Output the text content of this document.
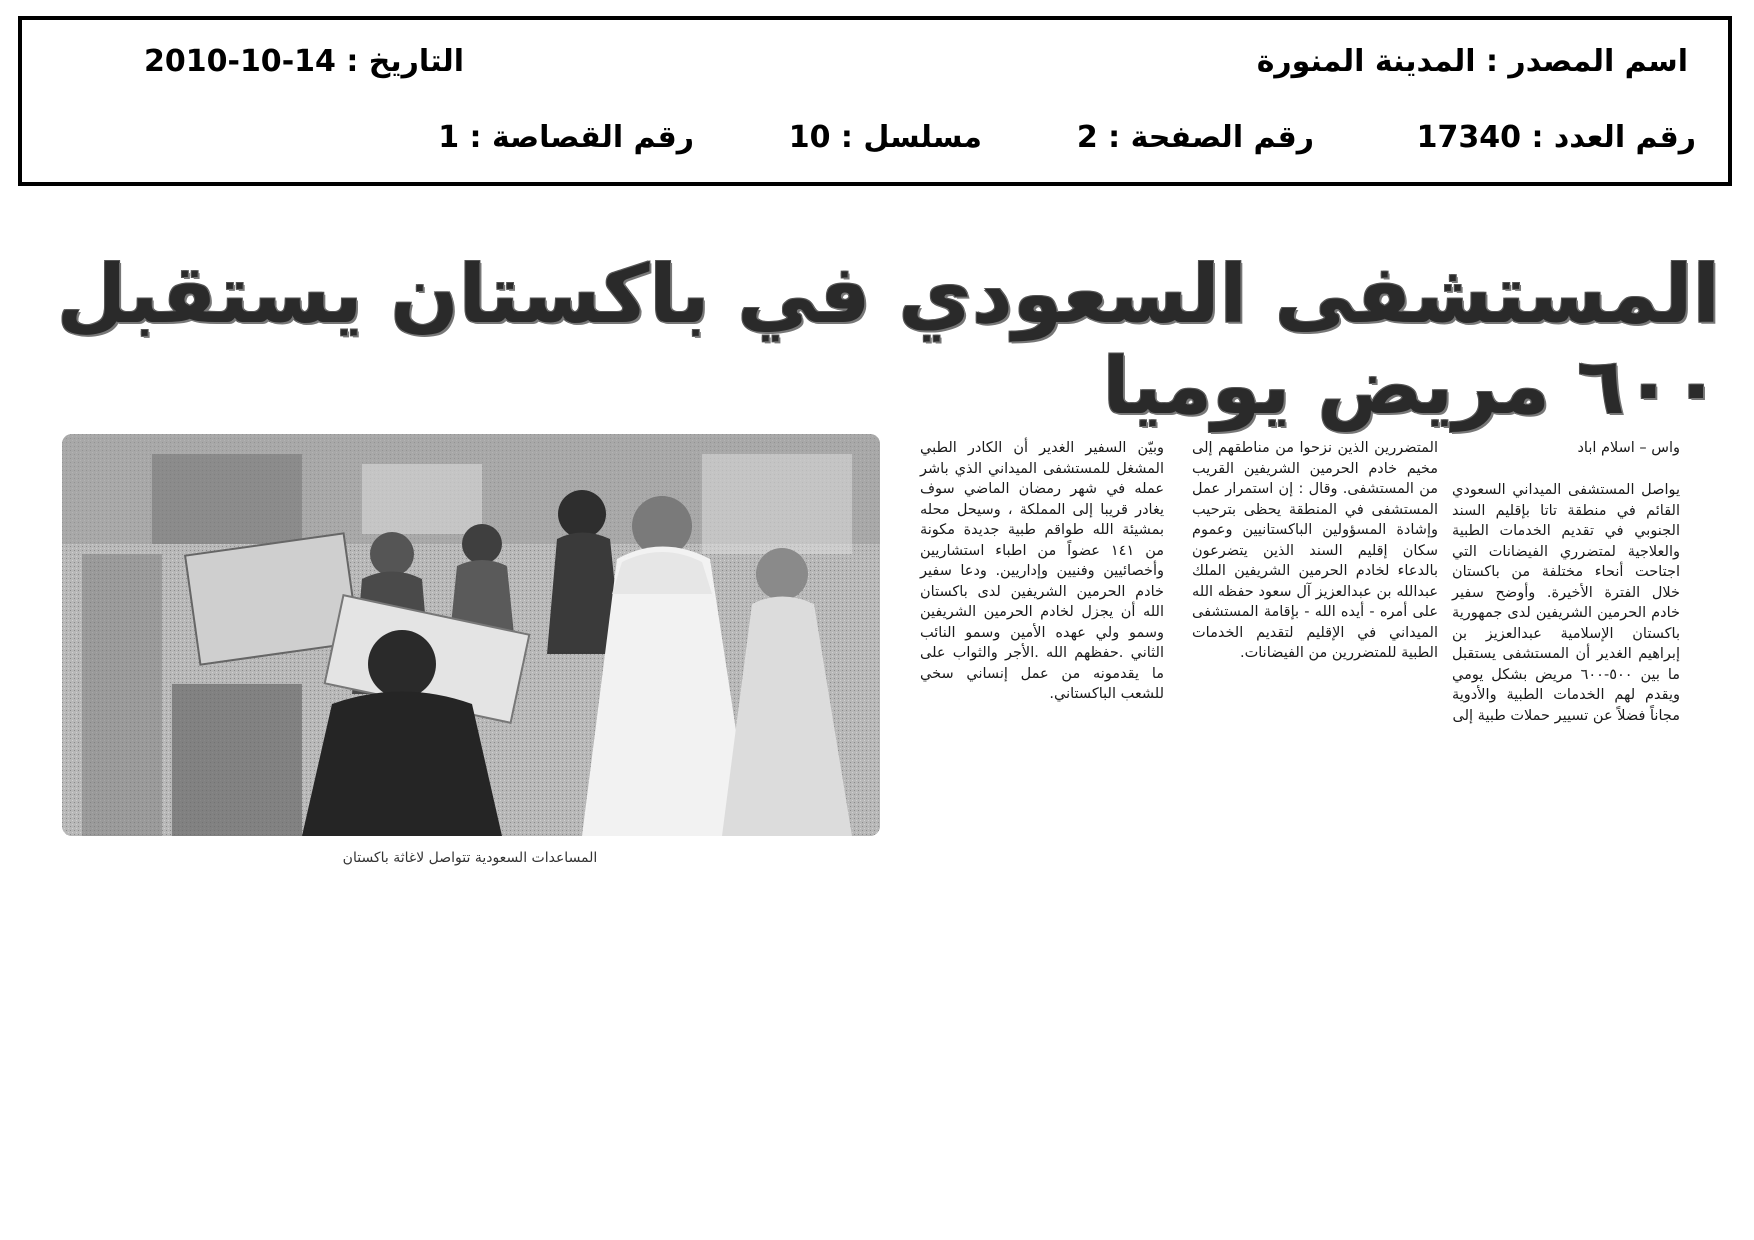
اسم المصدر : المدينة المنورة
التاريخ : 14-10-2010
رقم العدد : 17340
رقم الصفحة : 2
مسلسل : 10
رقم القصاصة : 1
المستشفى السعودي في باكستان يستقبل
٦٠٠ مريض يوميا
واس – اسلام اباد

يواصل المستشفى الميداني السعودي القائم في منطقة تاتا بإقليم السند الجنوبي في تقديم الخدمات الطبية والعلاجية لمتضرري الفيضانات التي اجتاحت أنحاء مختلفة من باكستان خلال الفترة الأخيرة. وأوضح سفير خادم الحرمين الشريفين لدى جمهورية باكستان الإسلامية عبدالعزيز بن إبراهيم الغدير أن المستشفى يستقبل ما بين ٥٠٠-٦٠٠ مريض بشكل يومي ويقدم لهم الخدمات الطبية والأدوية مجاناً فضلاً عن تسيير حملات طبية إلى

المتضررين الذين نزحوا من مناطقهم إلى مخيم خادم الحرمين الشريفين القريب من المستشفى. وقال : إن استمرار عمل المستشفى في المنطقة يحظى بترحيب وإشادة المسؤولين الباكستانيين وعموم سكان إقليم السند الذين يتضرعون بالدعاء لخادم الحرمين الشريفين الملك عبدالله بن عبدالعزيز آل سعود حفظه الله على أمره - أيده الله - بإقامة المستشفى الميداني في الإقليم لتقديم الخدمات الطبية للمتضررين من الفيضانات.

وبيّن السفير الغدير أن الكادر الطبي المشغل للمستشفى الميداني الذي باشر عمله في شهر رمضان الماضي سوف يغادر قريبا إلى المملكة ، وسيحل محله بمشيئة الله طواقم طبية جديدة مكونة من ١٤١ عضواً من اطباء استشاريين وأخصائيين وفنيين وإداريين. ودعا سفير خادم الحرمين الشريفين لدى باكستان الله أن يجزل لخادم الحرمين الشريفين وسمو ولي عهده الأمين وسمو النائب الثاني .حفظهم الله .الأجر والثواب على ما يقدمونه من عمل إنساني سخي للشعب الباكستاني.

المساعدات السعودية تتواصل لاغاثة باكستان
